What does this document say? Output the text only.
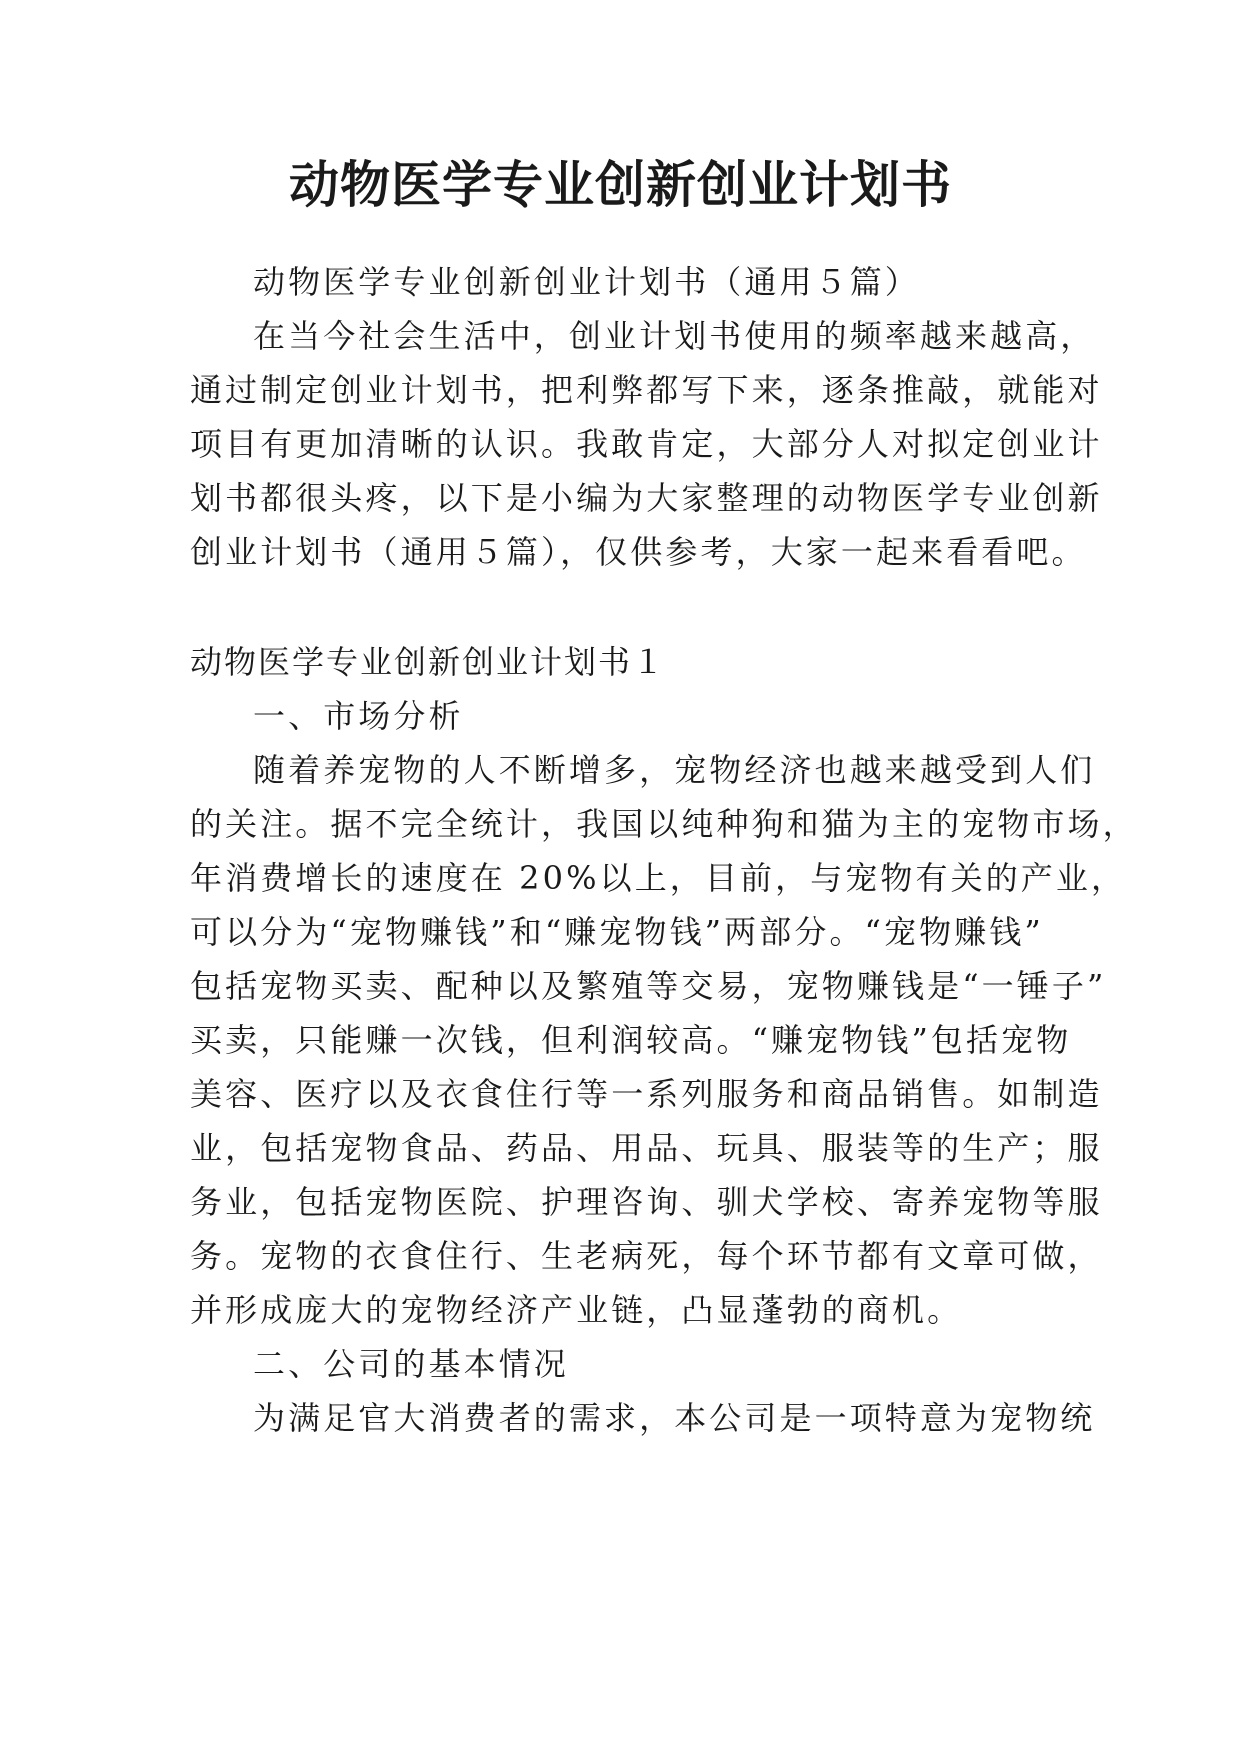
动物医学专业创新创业计划书
动物医学专业创新创业计划书（通用５篇）
在当今社会生活中，创业计划书使用的频率越来越高，
通过制定创业计划书，把利弊都写下来，逐条推敲，就能对
项目有更加清晰的认识。我敢肯定，大部分人对拟定创业计
划书都很头疼，以下是小编为大家整理的动物医学专业创新
创业计划书（通用５篇），仅供参考，大家一起来看看吧。
动物医学专业创新创业计划书１
一、市场分析
随着养宠物的人不断增多，宠物经济也越来越受到人们
的关注。据不完全统计，我国以纯种狗和猫为主的宠物市场，
年消费增长的速度在 20%以上，目前，与宠物有关的产业，
可以分为“宠物赚钱”和“赚宠物钱”两部分。“宠物赚钱”
包括宠物买卖、配种以及繁殖等交易，宠物赚钱是“一锤子”
买卖，只能赚一次钱，但利润较高。“赚宠物钱”包括宠物
美容、医疗以及衣食住行等一系列服务和商品销售。如制造
业，包括宠物食品、药品、用品、玩具、服装等的生产；服
务业，包括宠物医院、护理咨询、驯犬学校、寄养宠物等服
务。宠物的衣食住行、生老病死，每个环节都有文章可做，
并形成庞大的宠物经济产业链，凸显蓬勃的商机。
二、公司的基本情况
为满足官大消费者的需求，本公司是一项特意为宠物统
